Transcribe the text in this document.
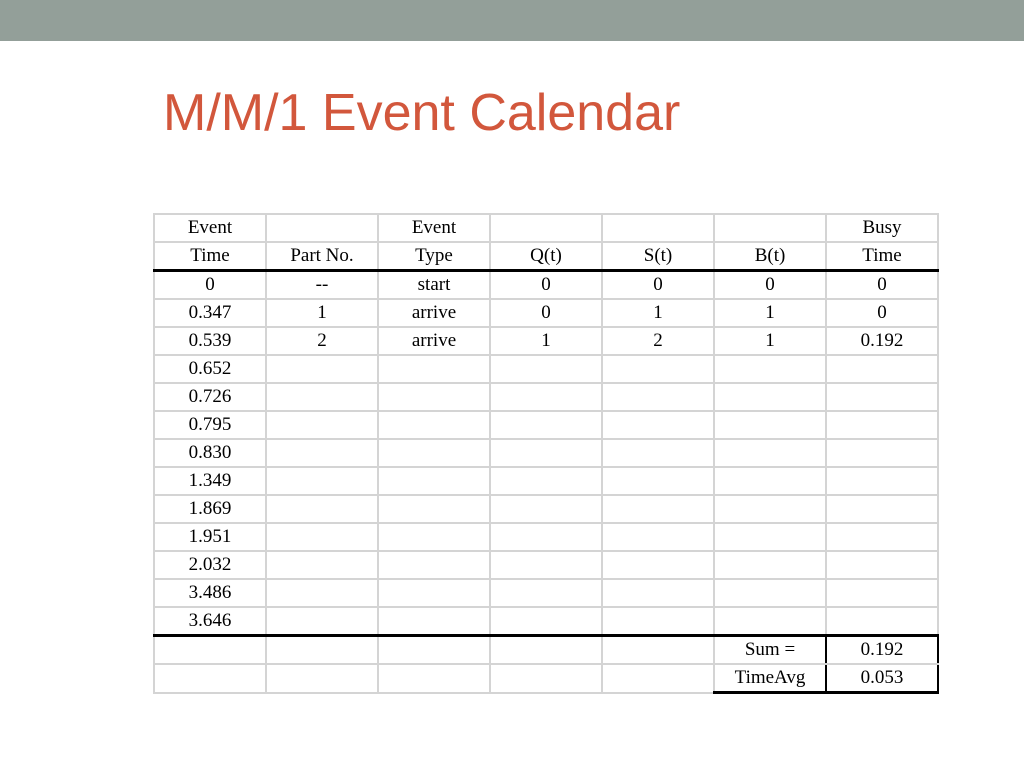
M/M/1 Event Calendar
Event		Event				Busy
Time	Part No.	Type	Q(t)	S(t)	B(t)	Time
0	--	start	0	0	0	0
0.347	1	arrive	0	1	1	0
0.539	2	arrive	1	2	1	0.192
0.652						
0.726						
0.795						
0.830						
1.349						
1.869						
1.951						
2.032						
3.486						
3.646						
					Sum =	0.192
					TimeAvg	0.053
